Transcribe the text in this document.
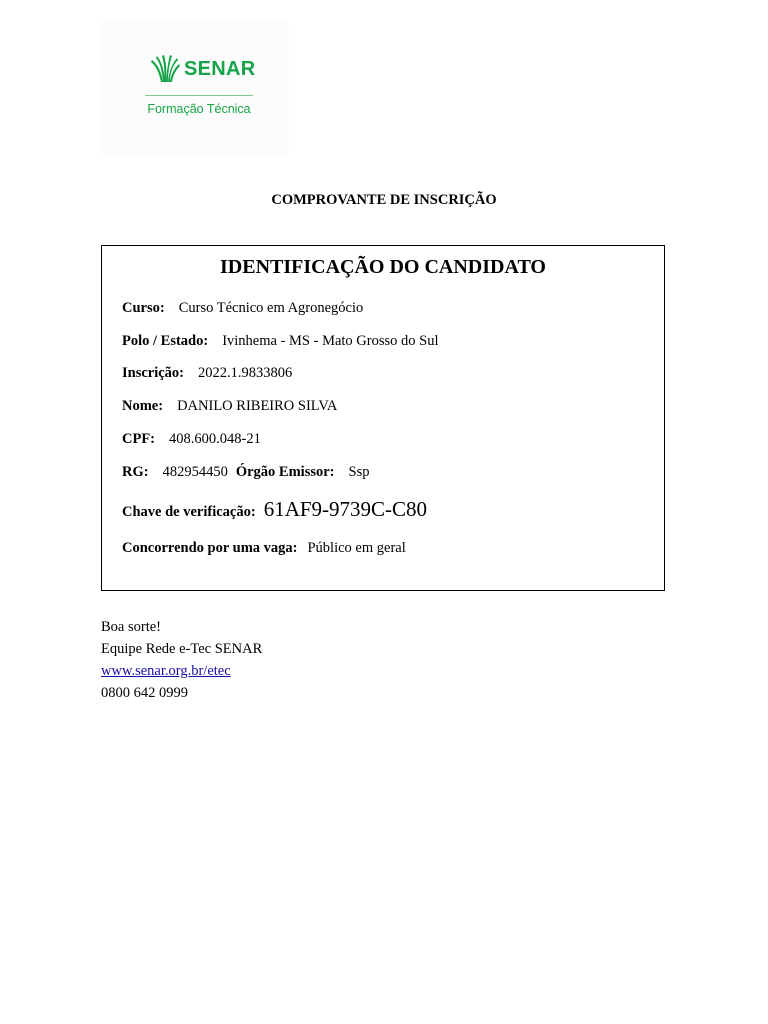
SENAR
Formação Técnica
COMPROVANTE DE INSCRIÇÃO
IDENTIFICAÇÃO DO CANDIDATO
Curso: Curso Técnico em Agronegócio
Polo / Estado: Ivinhema - MS - Mato Grosso do Sul
Inscrição: 2022.1.9833806
Nome: DANILO RIBEIRO SILVA
CPF: 408.600.048-21
RG: 482954450 Órgão Emissor: Ssp
Chave de verificação: 61AF9-9739C-C80
Concorrendo por uma vaga: Público em geral
Boa sorte!
Equipe Rede e-Tec SENAR
www.senar.org.br/etec
0800 642 0999
